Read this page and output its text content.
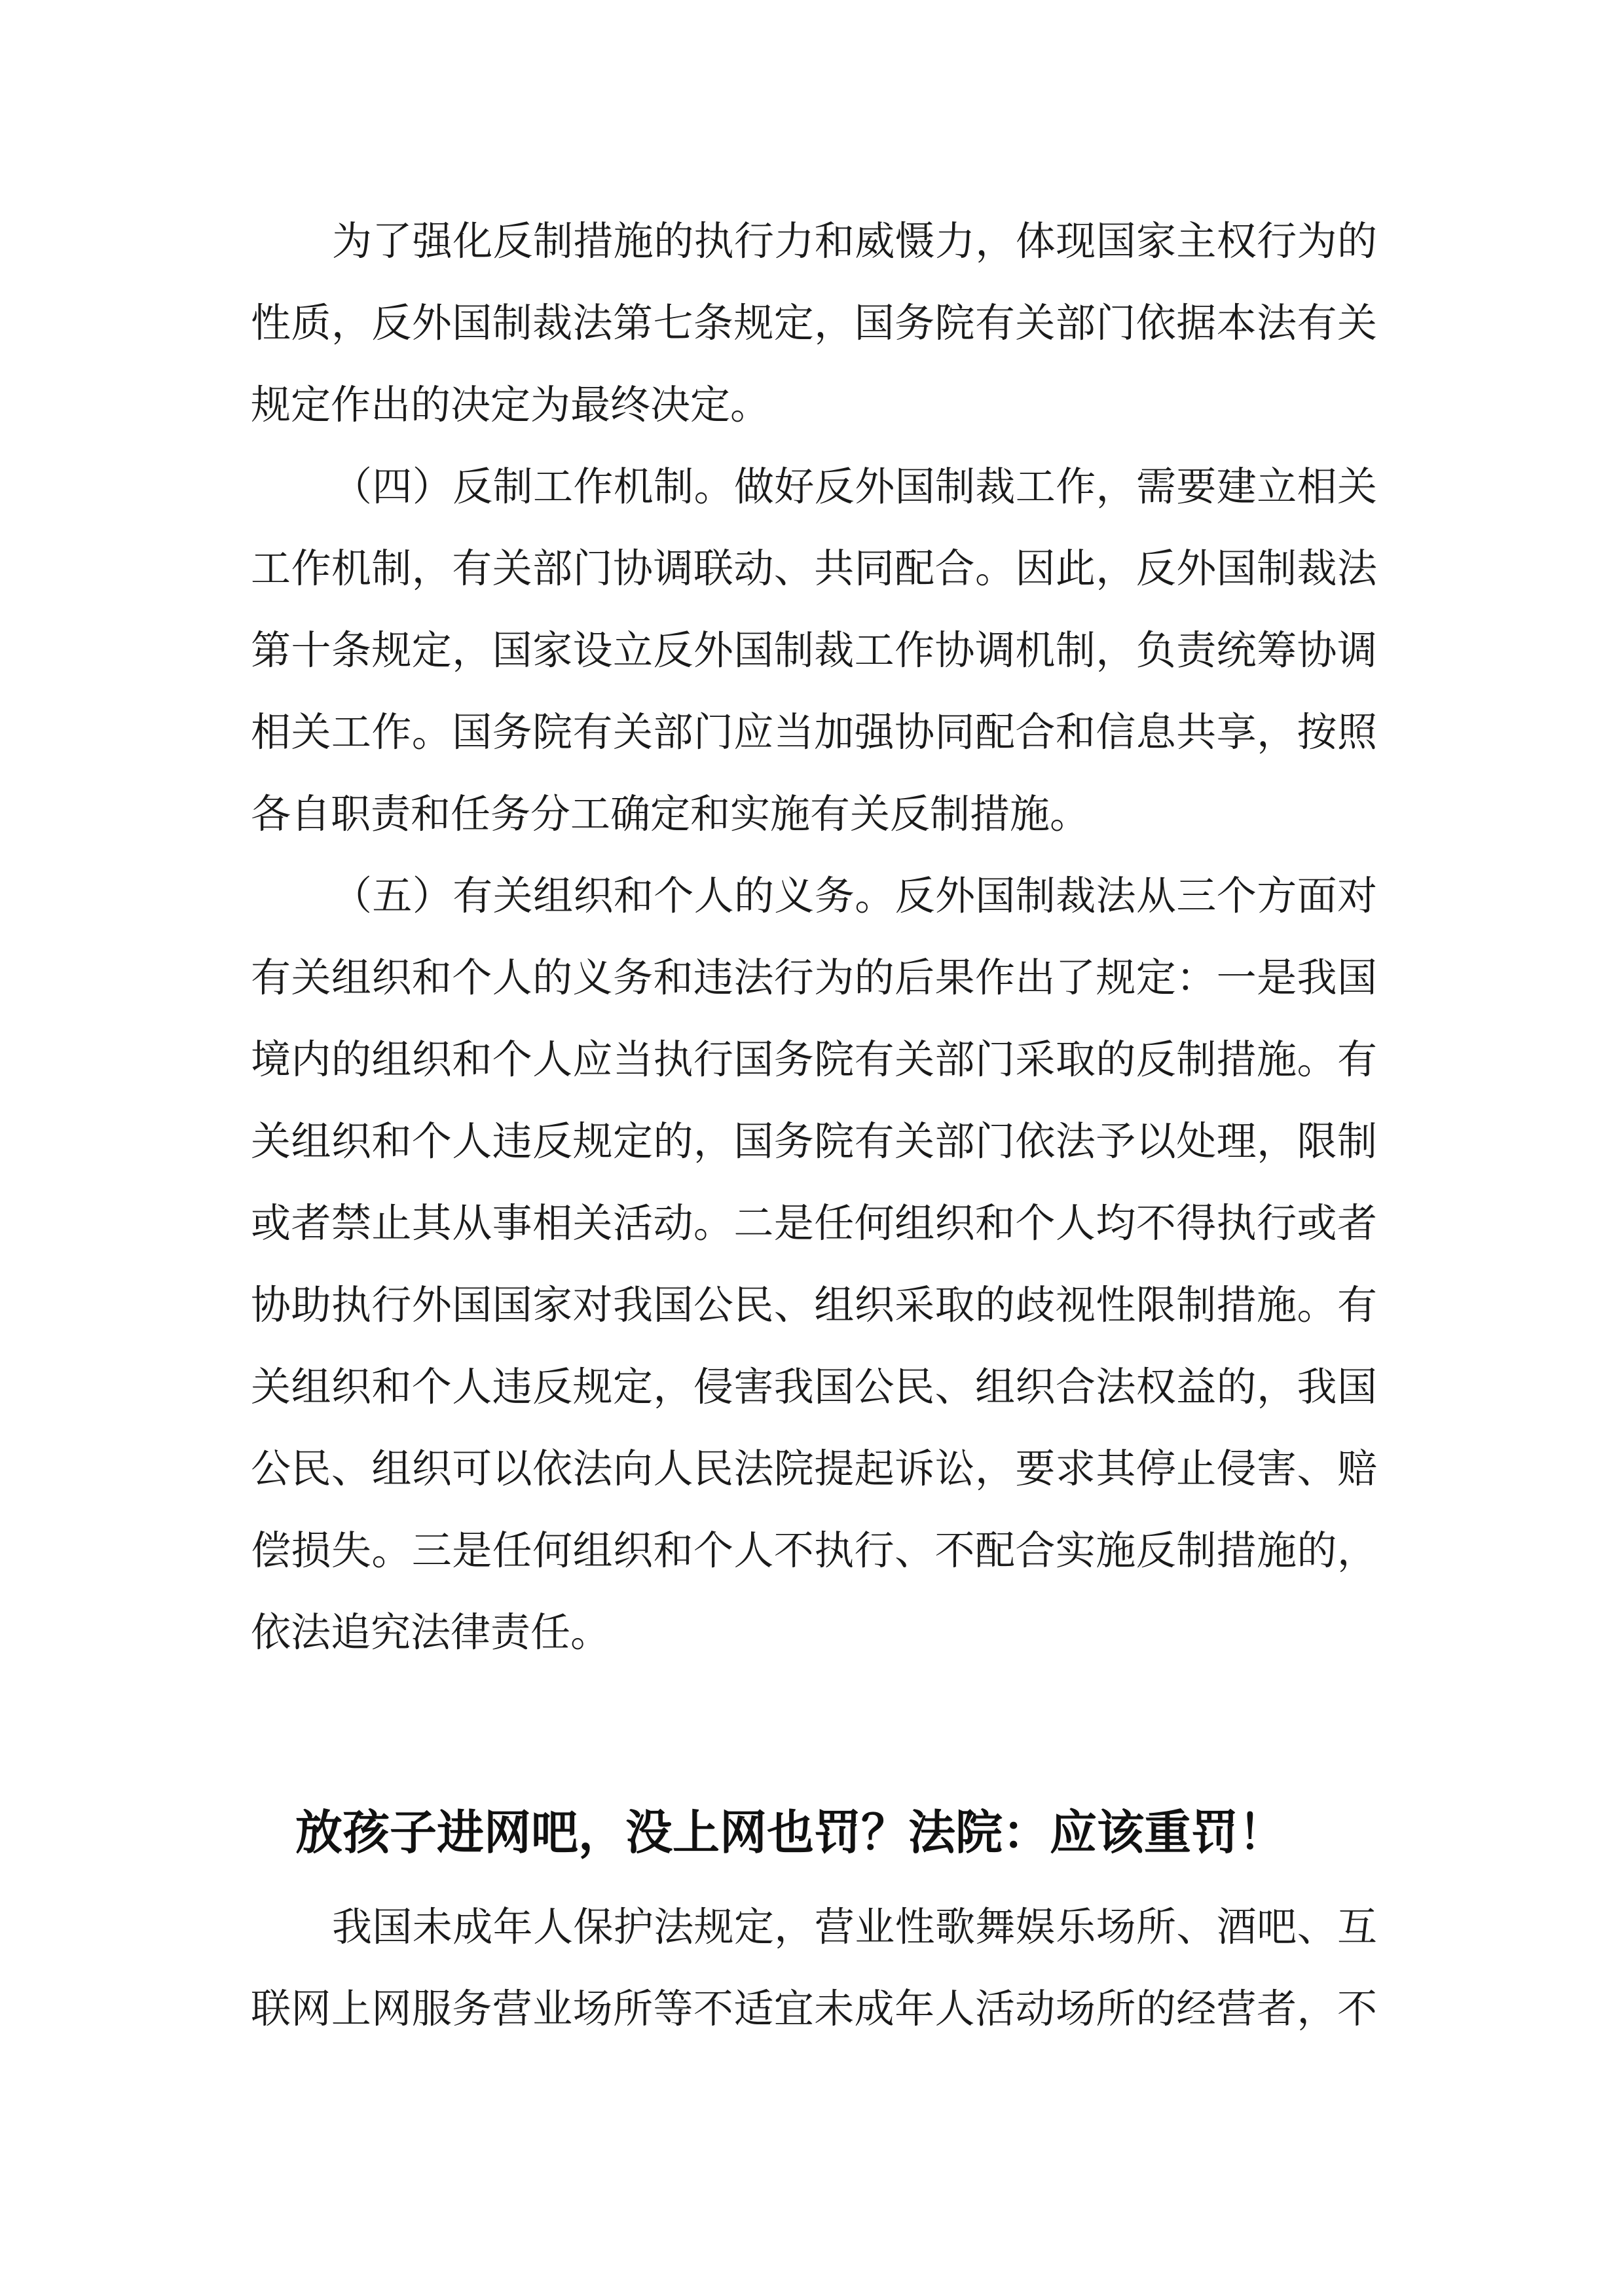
为了强化反制措施的执行力和威慑力，体现国家主权行为的
性质，反外国制裁法第七条规定，国务院有关部门依据本法有关
规定作出的决定为最终决定。
（四）反制工作机制。做好反外国制裁工作，需要建立相关
工作机制，有关部门协调联动、共同配合。因此，反外国制裁法
第十条规定，国家设立反外国制裁工作协调机制，负责统筹协调
相关工作。国务院有关部门应当加强协同配合和信息共享，按照
各自职责和任务分工确定和实施有关反制措施。
（五）有关组织和个人的义务。反外国制裁法从三个方面对
有关组织和个人的义务和违法行为的后果作出了规定：一是我国
境内的组织和个人应当执行国务院有关部门采取的反制措施。有
关组织和个人违反规定的，国务院有关部门依法予以处理，限制
或者禁止其从事相关活动。二是任何组织和个人均不得执行或者
协助执行外国国家对我国公民、组织采取的歧视性限制措施。有
关组织和个人违反规定，侵害我国公民、组织合法权益的，我国
公民、组织可以依法向人民法院提起诉讼，要求其停止侵害、赔
偿损失。三是任何组织和个人不执行、不配合实施反制措施的，
依法追究法律责任。
放孩子进网吧，没上网也罚？法院：应该重罚！
我国未成年人保护法规定，营业性歌舞娱乐场所、酒吧、互
联网上网服务营业场所等不适宜未成年人活动场所的经营者，不
